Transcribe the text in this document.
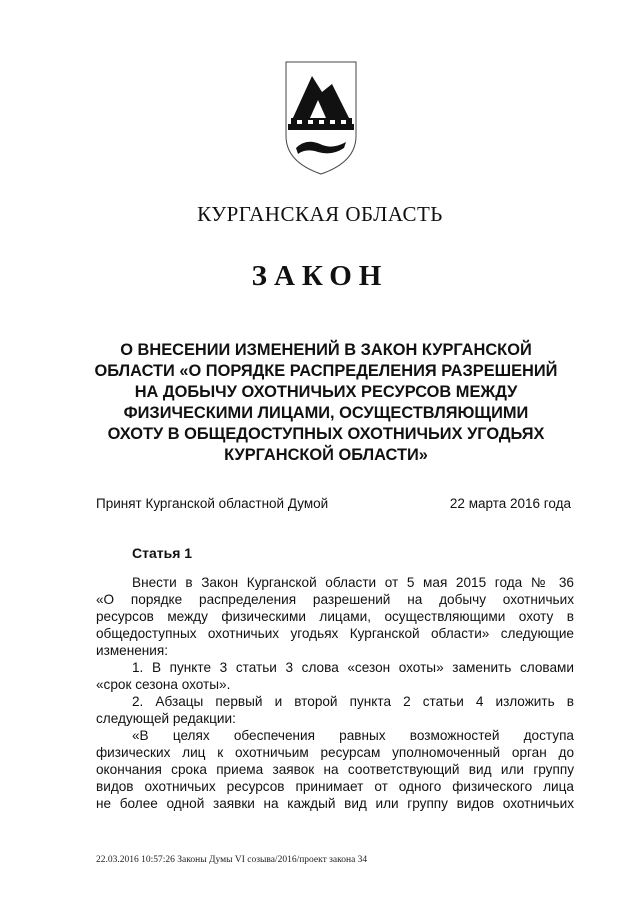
КУРГАНСКАЯ ОБЛАСТЬ
ЗАКОН
О ВНЕСЕНИИ ИЗМЕНЕНИЙ В ЗАКОН КУРГАНСКОЙ
ОБЛАСТИ «О ПОРЯДКЕ РАСПРЕДЕЛЕНИЯ РАЗРЕШЕНИЙ
НА ДОБЫЧУ ОХОТНИЧЬИХ РЕСУРСОВ МЕЖДУ
ФИЗИЧЕСКИМИ ЛИЦАМИ, ОСУЩЕСТВЛЯЮЩИМИ
ОХОТУ В ОБЩЕДОСТУПНЫХ ОХОТНИЧЬИХ УГОДЬЯХ
КУРГАНСКОЙ ОБЛАСТИ»
Принят Курганской областной Думой	22 марта 2016 года
Статья 1
Внести в Закон Курганской области от 5 мая 2015 года № 36
«О порядке распределения разрешений на добычу охотничьих
ресурсов между физическими лицами, осуществляющими охоту в
общедоступных охотничьих угодьях Курганской области» следующие
изменения:
1. В пункте 3 статьи 3 слова «сезон охоты» заменить словами
«срок сезона охоты».
2. Абзацы первый и второй пункта 2 статьи 4 изложить в
следующей редакции:
«В целях обеспечения равных возможностей доступа
физических лиц к охотничьим ресурсам уполномоченный орган до
окончания срока приема заявок на соответствующий вид или группу
видов охотничьих ресурсов принимает от одного физического лица
не более одной заявки на каждый вид или группу видов охотничьих
22.03.2016 10:57:26 Законы Думы VI созыва/2016/проект закона 34
